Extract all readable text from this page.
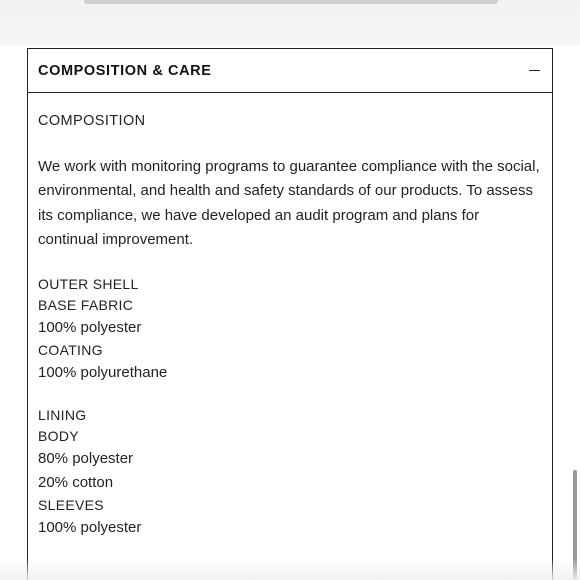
COMPOSITION & CARE

COMPOSITION

We work with monitoring programs to guarantee compliance with the social, environmental, and health and safety standards of our products. To assess its compliance, we have developed an audit program and plans for continual improvement.

OUTER SHELL
BASE FABRIC
100% polyester
COATING
100% polyurethane
LINING
BODY
80% polyester
20% cotton
SLEEVES
100% polyester
